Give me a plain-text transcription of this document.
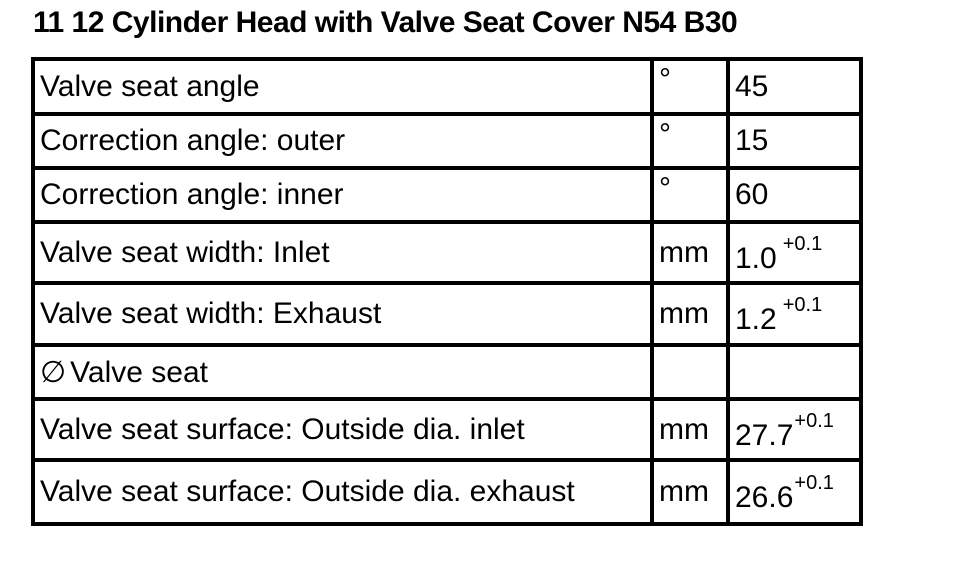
11 12 Cylinder Head with Valve Seat Cover N54 B30
Valve seat angle	°	45
Correction angle: outer	°	15
Correction angle: inner	°	60
Valve seat width: Inlet	mm	1.0 $^{+0.1}$
Valve seat width: Exhaust	mm	1.2 $^{+0.1}$
∅ Valve seat		
Valve seat surface: Outside dia. inlet	mm	$27.7^{+0.1}$
Valve seat surface: Outside dia. exhaust	mm	$26.6^{+0.1}$
